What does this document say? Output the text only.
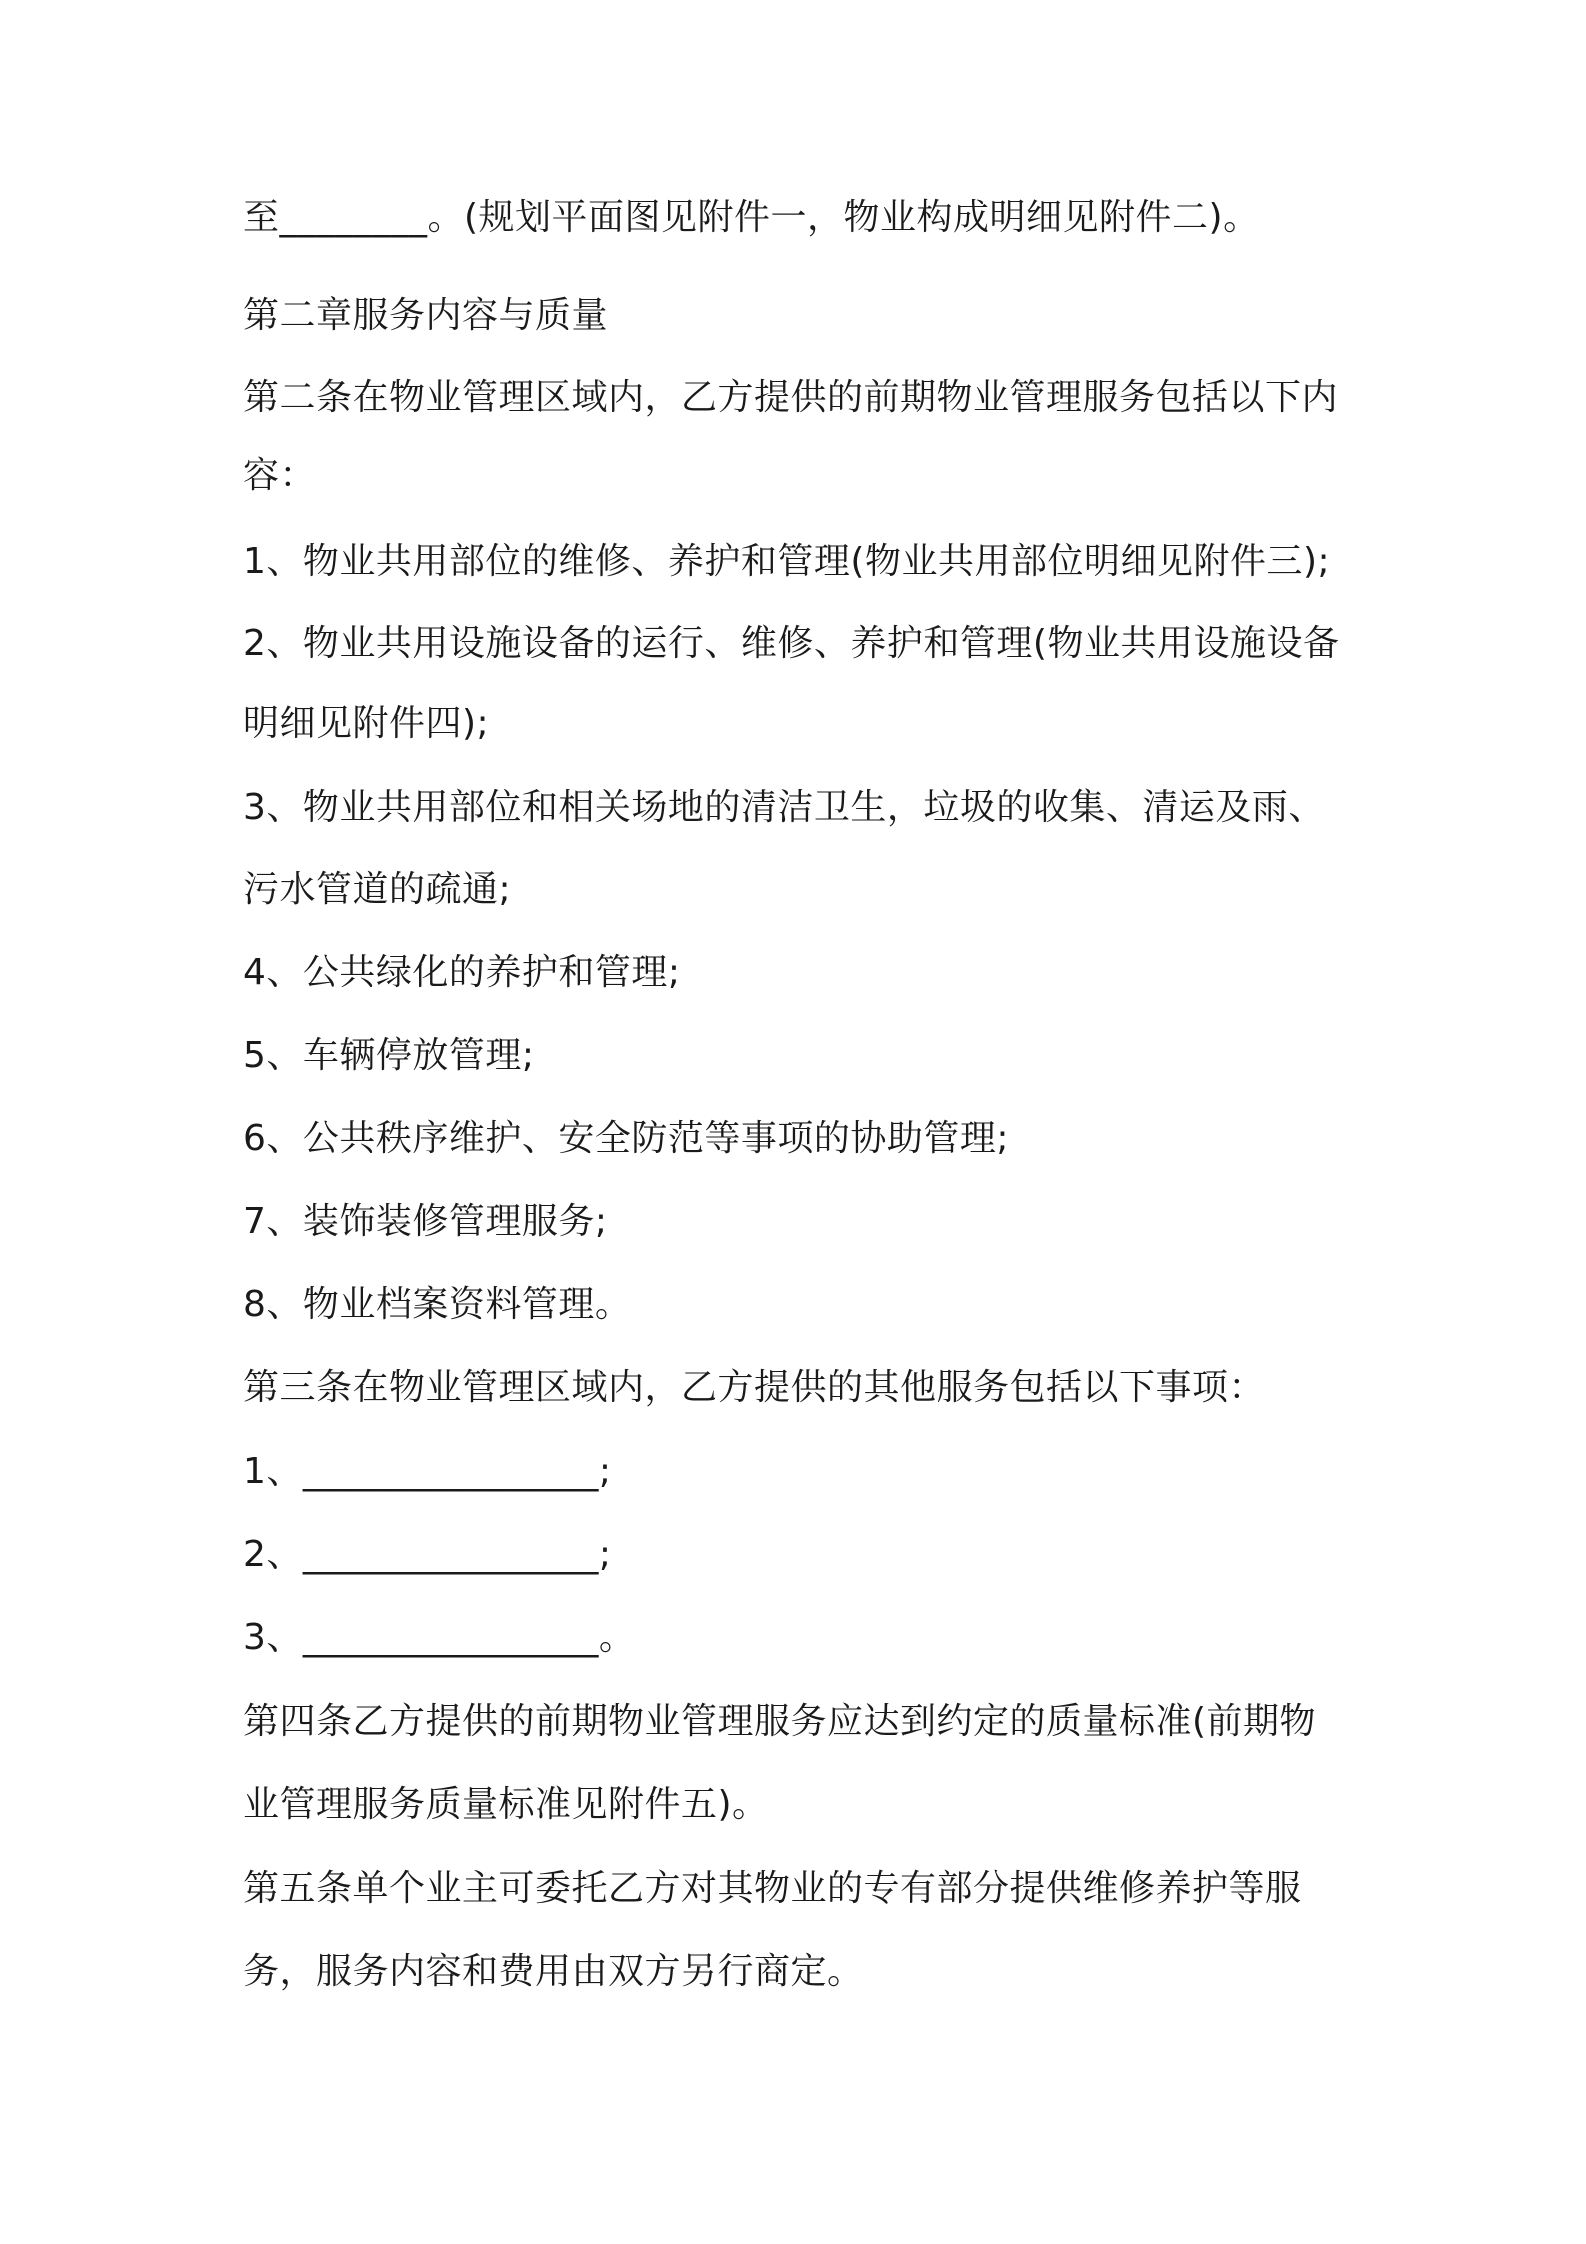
至________。(规划平面图见附件一，物业构成明细见附件二)。

第二章服务内容与质量

第二条在物业管理区域内，乙方提供的前期物业管理服务包括以下内

容：

1、物业共用部位的维修、养护和管理(物业共用部位明细见附件三);

2、物业共用设施设备的运行、维修、养护和管理(物业共用设施设备

明细见附件四);

3、物业共用部位和相关场地的清洁卫生，垃圾的收集、清运及雨、

污水管道的疏通;

4、公共绿化的养护和管理;

5、车辆停放管理;

6、公共秩序维护、安全防范等事项的协助管理;

7、装饰装修管理服务;

8、物业档案资料管理。

第三条在物业管理区域内，乙方提供的其他服务包括以下事项：

1、________________;

2、________________;

3、________________。

第四条乙方提供的前期物业管理服务应达到约定的质量标准(前期物

业管理服务质量标准见附件五)。

第五条单个业主可委托乙方对其物业的专有部分提供维修养护等服

务，服务内容和费用由双方另行商定。
